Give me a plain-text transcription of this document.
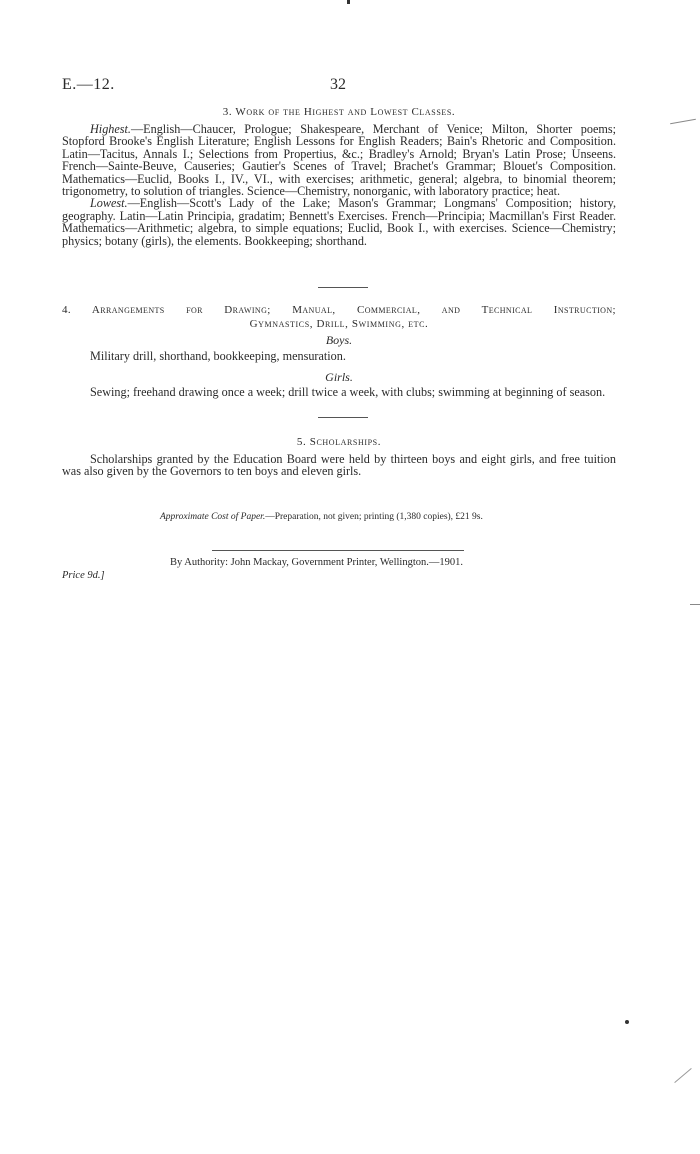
E.—12.	32
3. Work of the Highest and Lowest Classes.

Highest.—English—Chaucer, Prologue; Shakespeare, Merchant of Venice; Milton, Shorter poems; Stopford Brooke's English Literature; English Lessons for English Readers; Bain's Rhetoric and Composition. Latin—Tacitus, Annals I.; Selections from Propertius, &c.; Bradley's Arnold; Bryan's Latin Prose; Unseens. French—Sainte-Beuve, Causeries; Gautier's Scenes of Travel; Brachet's Grammar; Blouet's Composition. Mathematics—Euclid, Books I., IV., VI., with exercises; arithmetic, general; algebra, to binomial theorem; trigonometry, to solution of triangles. Science—Chemistry, nonorganic, with laboratory practice; heat.

Lowest.—English—Scott's Lady of the Lake; Mason's Grammar; Longmans' Composition; history, geography. Latin—Latin Principia, gradatim; Bennett's Exercises. French—Principia; Macmillan's First Reader. Mathematics—Arithmetic; algebra, to simple equations; Euclid, Book I., with exercises. Science—Chemistry; physics; botany (girls), the elements. Bookkeeping; shorthand.

4. Arrangements for Drawing; Manual, Commercial, and Technical Instruction;
Gymnastics, Drill, Swimming, etc.
Boys.

Military drill, shorthand, bookkeeping, mensuration.

Girls.

Sewing; freehand drawing once a week; drill twice a week, with clubs; swimming at beginning of season.

5. Scholarships.

Scholarships granted by the Education Board were held by thirteen boys and eight girls, and free tuition was also given by the Governors to ten boys and eleven girls.

Approximate Cost of Paper.—Preparation, not given; printing (1,380 copies), £21 9s.
By Authority: John Mackay, Government Printer, Wellington.—1901.
Price 9d.]
